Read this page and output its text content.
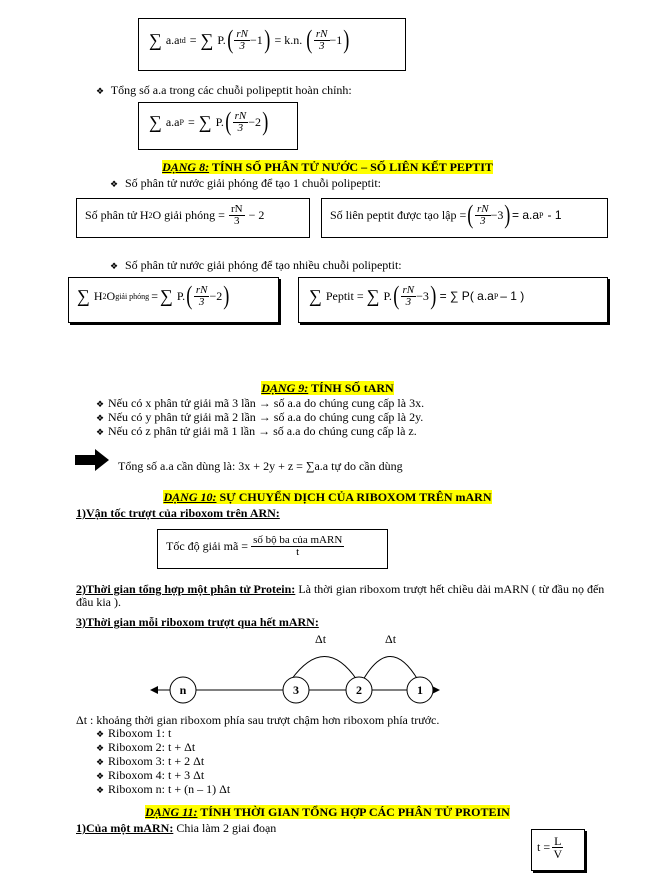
∑ a.a td = ∑ P. ( $\frac{rN}{3} -1$ ) = k.n. ( $\frac{rN}{3} -1$ )
❖ Tổng số a.a trong các chuỗi polipeptit hoàn chỉnh:
∑ a.a P = ∑ P. ( $\frac{rN}{3} -2$ )
DẠNG 8: TÍNH SỐ PHÂN TỬ NƯỚC – SỐ LIÊN KẾT PEPTIT
❖ Số phân tử nước giải phóng để tạo 1 chuỗi polipeptit:
Số phân tử H 2 O giải phóng = $\frac{rN}{3} - 2$	Số liên peptit được tạo lập = ( $\frac{rN}{3} -3$ ) = a.a P - 1
❖ Số phân tử nước giải phóng để tạo nhiều chuỗi polipeptit:
∑ H 2 O giải phóng = ∑ P. ( $\frac{rN}{3} -2$ )	∑ Peptit = ∑ P. ( $\frac{rN}{3} -3$ ) = ∑ P( a.a P – 1 )
DẠNG 9: TÍNH SỐ tARN
❖ Nếu có x phân tử giải mã 3 lần → số a.a do chúng cung cấp là 3x.
❖ Nếu có y phân tử giải mã 2 lần → số a.a do chúng cung cấp là 2y.
❖ Nếu có z phân tử giải mã 1 lần → số a.a do chúng cung cấp là z.
Tổng số a.a cần dùng là: 3x + 2y + z = ∑a.a tự do cần dùng
DẠNG 10: SỰ CHUYỂN DỊCH CỦA RIBOXOM TRÊN mARN
1)Vận tốc trượt của riboxom trên ARN:
Tốc độ giải mã = $\frac{\text{số bộ ba của mARN}}{t}$
2)Thời gian tổng hợp một phân tử Protein: Là thời gian riboxom trượt hết chiều dài mARN ( từ đầu nọ đến đầu kia ).
3)Thời gian mỗi riboxom trượt qua hết mARN:
Δt	Δt
n	3	2	1
Δt : khoảng thời gian riboxom phía sau trượt chậm hơn riboxom phía trước.
❖ Riboxom 1: t
❖ Riboxom 2: t + Δt
❖ Riboxom 3: t + 2 Δt
❖ Riboxom 4: t + 3 Δt
❖ Riboxom n: t + (n – 1) Δt
DẠNG 11: TÍNH THỜI GIAN TỔNG HỢP CÁC PHÂN TỬ PROTEIN
1)Của một mARN: Chia làm 2 giai đoạn
$t = \frac{L}{V}$
